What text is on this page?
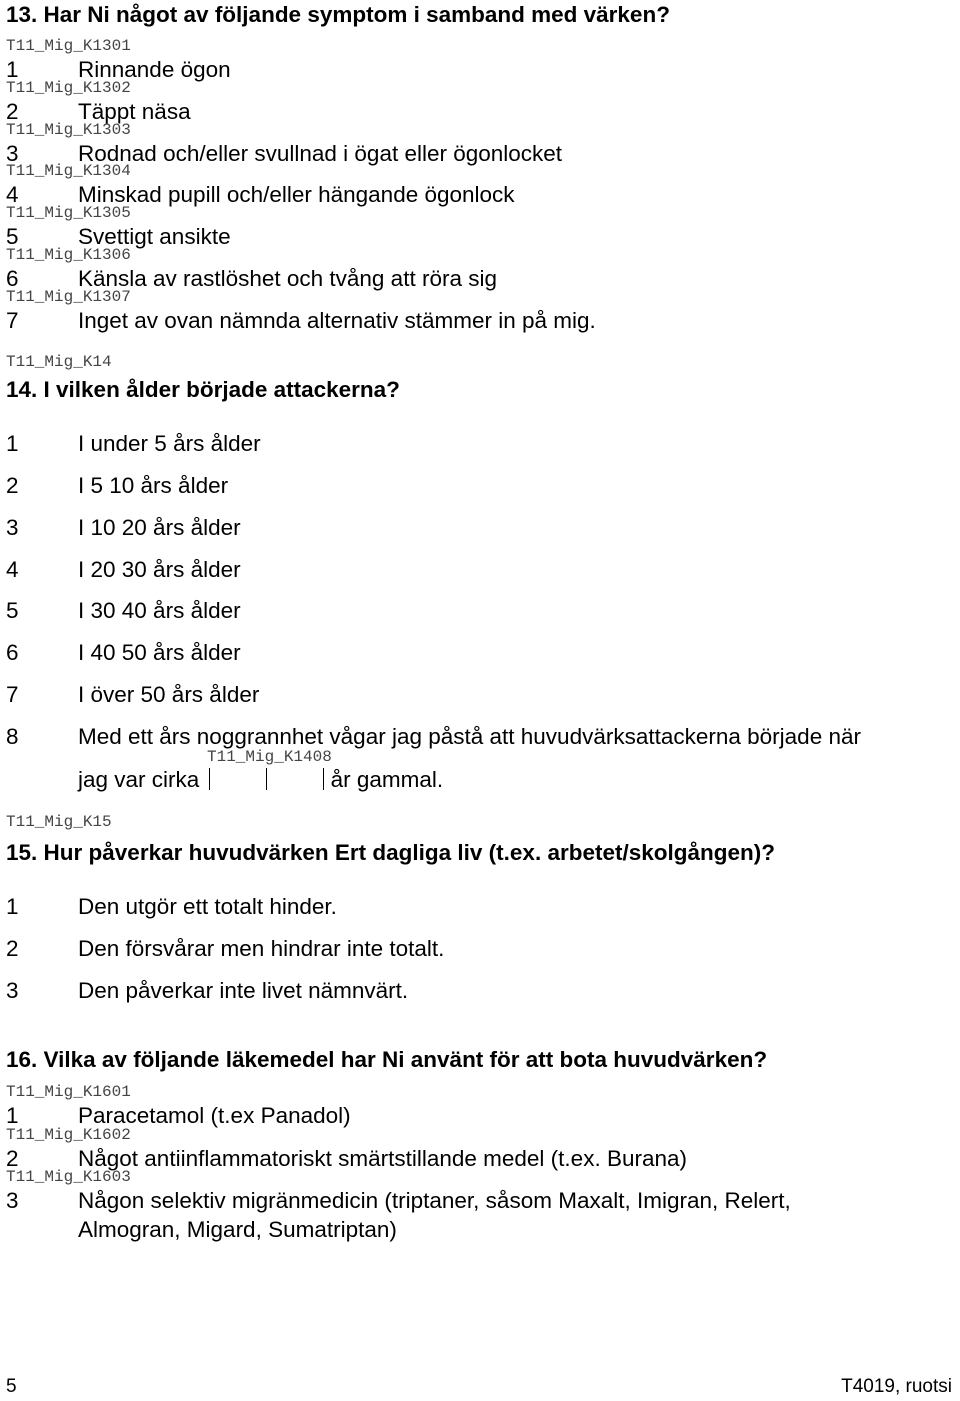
13. Har Ni något av följande symptom i samband med värken?
T11_Mig_K1301
1	Rinnande ögon
T11_Mig_K1302
2	Täppt näsa
T11_Mig_K1303
3	Rodnad och/eller svullnad i ögat eller ögonlocket
T11_Mig_K1304
4	Minskad pupill och/eller hängande ögonlock
T11_Mig_K1305
5	Svettigt ansikte
T11_Mig_K1306
6	Känsla av rastlöshet och tvång att röra sig
T11_Mig_K1307
7	Inget av ovan nämnda alternativ stämmer in på mig.
T11_Mig_K14
14. I vilken ålder började attackerna?
1	I under 5 års ålder
2	I 5 10 års ålder
3	I 10 20 års ålder
4	I 20 30 års ålder
5	I 30 40 års ålder
6	I 40 50 års ålder
7	I över 50 års ålder
8	Med ett års noggrannhet vågar jag påstå att huvudvärksattackerna började när
T11_Mig_K1408
jag var cirka	år gammal.
T11_Mig_K15
15. Hur påverkar huvudvärken Ert dagliga liv (t.ex. arbetet/skolgången)?
1	Den utgör ett totalt hinder.
2	Den försvårar men hindrar inte totalt.
3	Den påverkar inte livet nämnvärt.
16. Vilka av följande läkemedel har Ni använt för att bota huvudvärken?
T11_Mig_K1601
1	Paracetamol (t.ex Panadol)
T11_Mig_K1602
2	Något antiinflammatoriskt smärtstillande medel (t.ex. Burana)
T11_Mig_K1603
3	Någon selektiv migränmedicin (triptaner, såsom Maxalt, Imigran, Relert,
Almogran, Migard, Sumatriptan)
5	T4019, ruotsi
